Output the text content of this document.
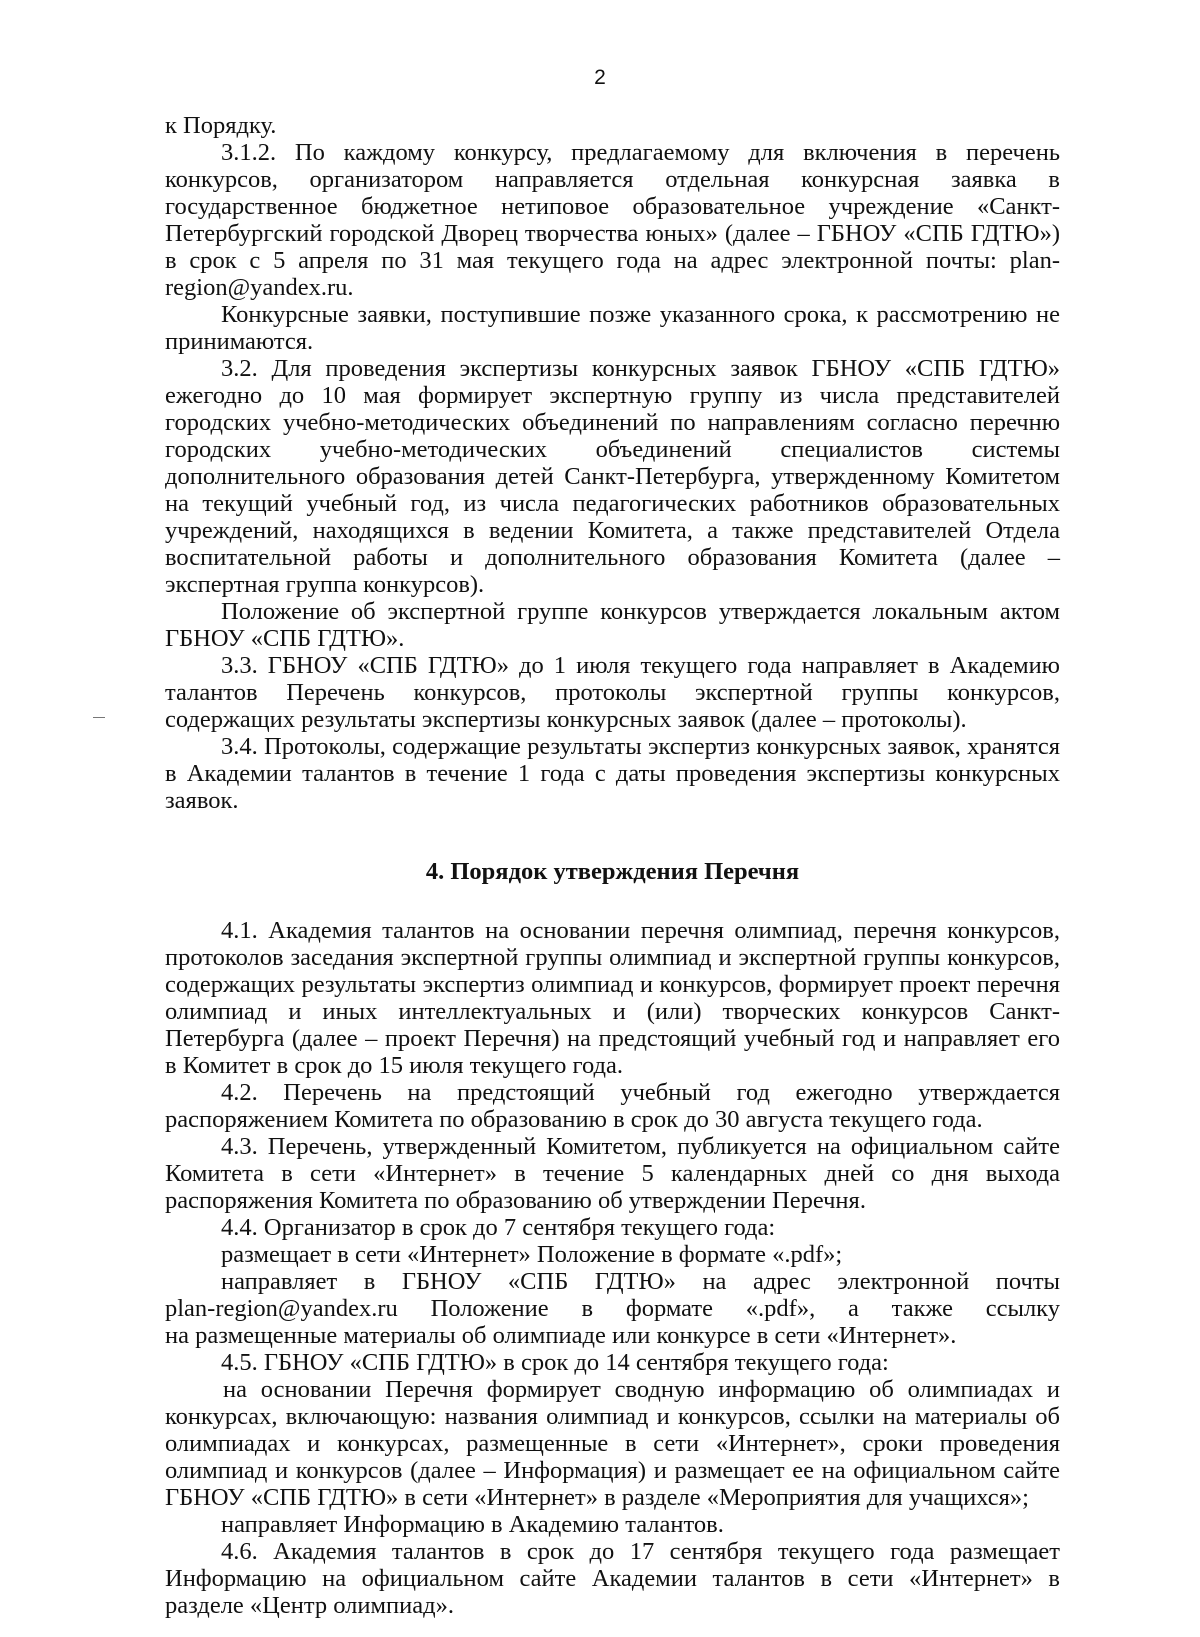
2

к Порядку.

3.1.2. По каждому конкурсу, предлагаемому для включения в перечень конкурсов, организатором направляется отдельная конкурсная заявка в государственное бюджетное нетиповое образовательное учреждение «Санкт-Петербургский городской Дворец творчества юных» (далее – ГБНОУ «СПБ ГДТЮ») в срок с 5 апреля по 31 мая текущего года на адрес электронной почты: plan-region@yandex.ru.

Конкурсные заявки, поступившие позже указанного срока, к рассмотрению не принимаются.

3.2. Для проведения экспертизы конкурсных заявок ГБНОУ «СПБ ГДТЮ» ежегодно до 10 мая формирует экспертную группу из числа представителей городских учебно-методических объединений по направлениям согласно перечню городских учебно-методических объединений специалистов системы дополнительного образования детей Санкт-Петербурга, утвержденному Комитетом на текущий учебный год, из числа педагогических работников образовательных учреждений, находящихся в ведении Комитета, а также представителей Отдела воспитательной работы и дополнительного образования Комитета (далее – экспертная группа конкурсов).

Положение об экспертной группе конкурсов утверждается локальным актом ГБНОУ «СПБ ГДТЮ».

3.3. ГБНОУ «СПБ ГДТЮ» до 1 июля текущего года направляет в Академию талантов Перечень конкурсов, протоколы экспертной группы конкурсов, содержащих результаты экспертизы конкурсных заявок (далее – протоколы).

3.4. Протоколы, содержащие результаты экспертиз конкурсных заявок, хранятся в Академии талантов в течение 1 года с даты проведения экспертизы конкурсных заявок.

4. Порядок утверждения Перечня

4.1. Академия талантов на основании перечня олимпиад, перечня конкурсов, протоколов заседания экспертной группы олимпиад и экспертной группы конкурсов, содержащих результаты экспертиз олимпиад и конкурсов, формирует проект перечня олимпиад и иных интеллектуальных и (или) творческих конкурсов Санкт-Петербурга (далее – проект Перечня) на предстоящий учебный год и направляет его в Комитет в срок до 15 июля текущего года.

4.2. Перечень на предстоящий учебный год ежегодно утверждается распоряжением Комитета по образованию в срок до 30 августа текущего года.

4.3. Перечень, утвержденный Комитетом, публикуется на официальном сайте Комитета в сети «Интернет» в течение 5 календарных дней со дня выхода распоряжения Комитета по образованию об утверждении Перечня.

4.4. Организатор в срок до 7 сентября текущего года:

размещает в сети «Интернет» Положение в формате «.pdf»;

направляет в ГБНОУ «СПБ ГДТЮ» на адрес электронной почты
plan-region@yandex.ru Положение в формате «.pdf», а также ссылку
на размещенные материалы об олимпиаде или конкурсе в сети «Интернет».

4.5. ГБНОУ «СПБ ГДТЮ» в срок до 14 сентября текущего года:

на основании Перечня формирует сводную информацию об олимпиадах и конкурсах, включающую: названия олимпиад и конкурсов, ссылки на материалы об олимпиадах и конкурсах, размещенные в сети «Интернет», сроки проведения олимпиад и конкурсов (далее – Информация) и размещает ее на официальном сайте ГБНОУ «СПБ ГДТЮ» в сети «Интернет» в разделе «Мероприятия для учащихся»;

направляет Информацию в Академию талантов.

4.6. Академия талантов в срок до 17 сентября текущего года размещает Информацию на официальном сайте Академии талантов в сети «Интернет» в разделе «Центр олимпиад».
